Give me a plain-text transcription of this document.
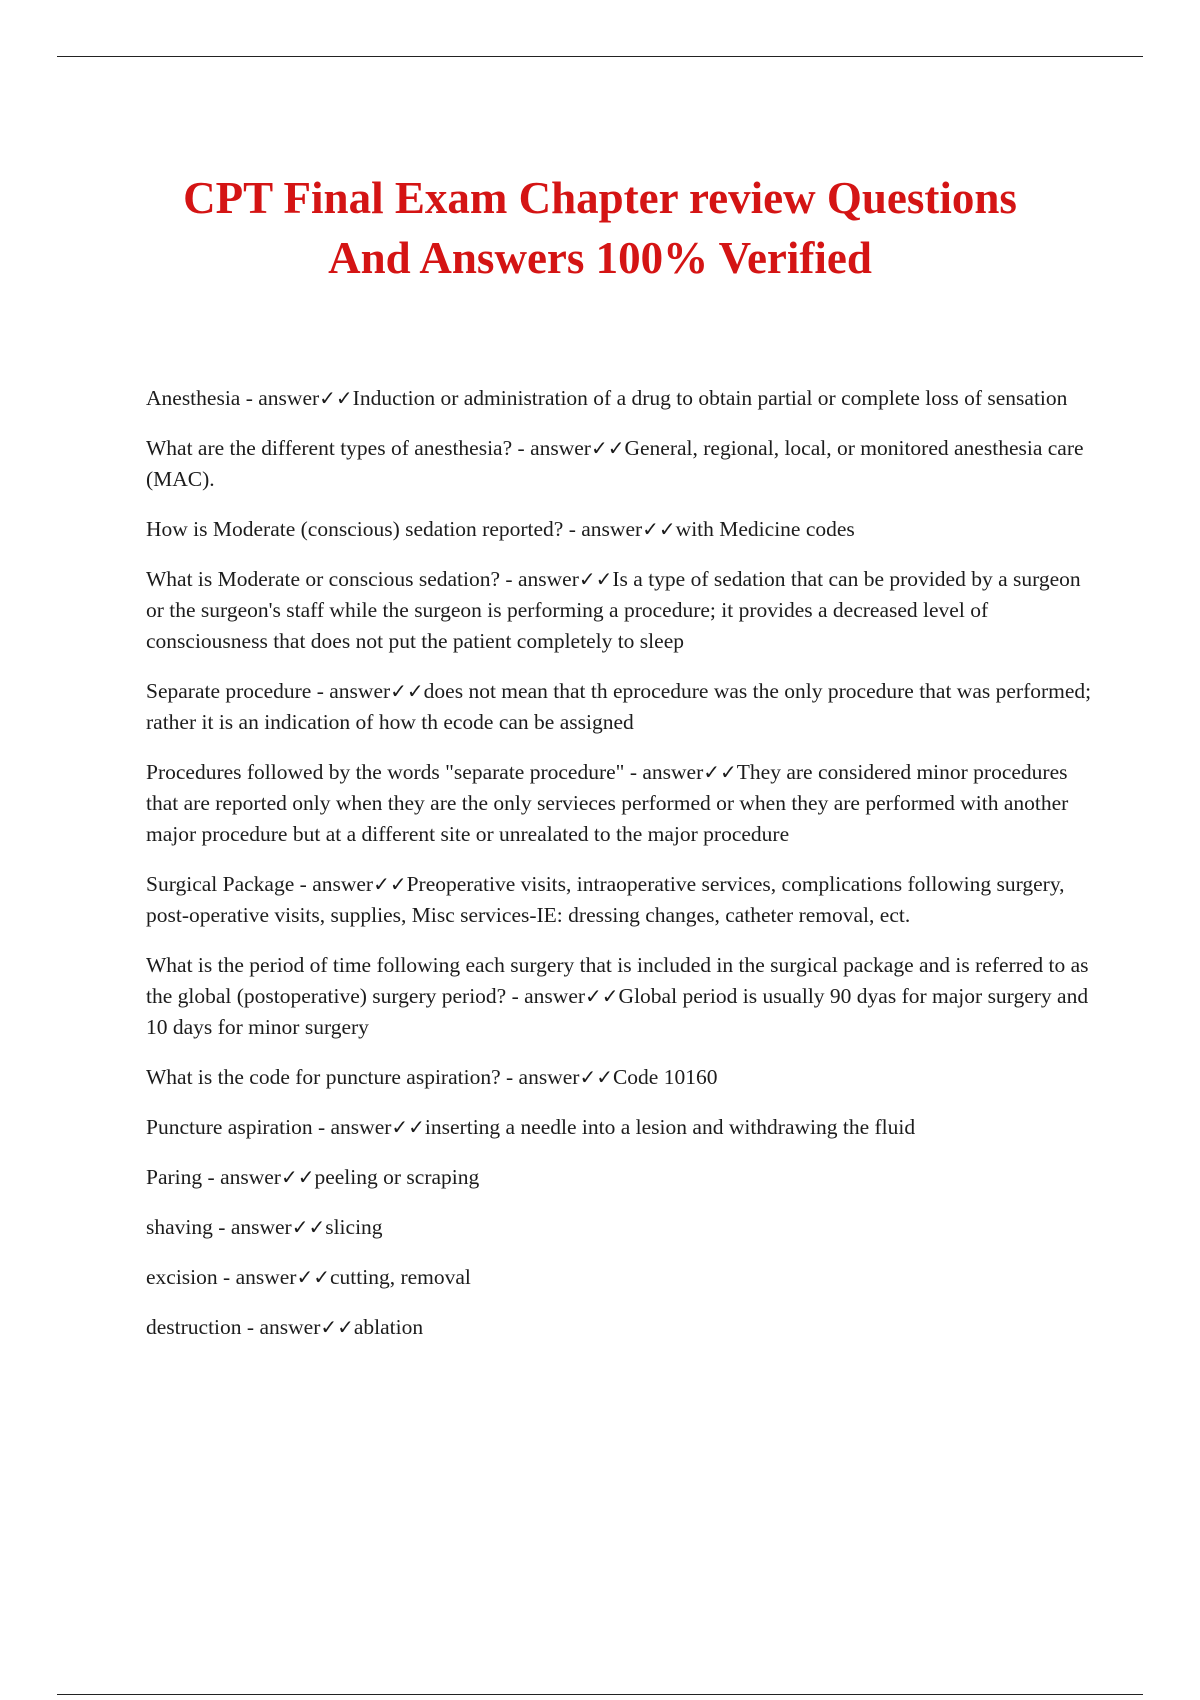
CPT Final Exam Chapter review Questions
And Answers 100% Verified
Anesthesia - answer✓✓Induction or administration of a drug to obtain partial or complete loss of sensation
What are the different types of anesthesia? - answer✓✓General, regional, local, or monitored anesthesia care (MAC).
How is Moderate (conscious) sedation reported? - answer✓✓with Medicine codes
What is Moderate or conscious sedation? - answer✓✓Is a type of sedation that can be provided by a surgeon or the surgeon's staff while the surgeon is performing a procedure; it provides a decreased level of consciousness that does not put the patient completely to sleep
Separate procedure - answer✓✓does not mean that th eprocedure was the only procedure that was performed; rather it is an indication of how th ecode can be assigned
Procedures followed by the words "separate procedure" - answer✓✓They are considered minor procedures that are reported only when they are the only servieces performed or when they are performed with another major procedure but at a different site or unrealated to the major procedure
Surgical Package - answer✓✓Preoperative visits, intraoperative services, complications following surgery, post-operative visits, supplies, Misc services-IE: dressing changes, catheter removal, ect.
What is the period of time following each surgery that is included in the surgical package and is referred to as the global (postoperative) surgery period? - answer✓✓Global period is usually 90 dyas for major surgery and 10 days for minor surgery
What is the code for puncture aspiration? - answer✓✓Code 10160
Puncture aspiration - answer✓✓inserting a needle into a lesion and withdrawing the fluid
Paring - answer✓✓peeling or scraping
shaving - answer✓✓slicing
excision - answer✓✓cutting, removal
destruction - answer✓✓ablation
